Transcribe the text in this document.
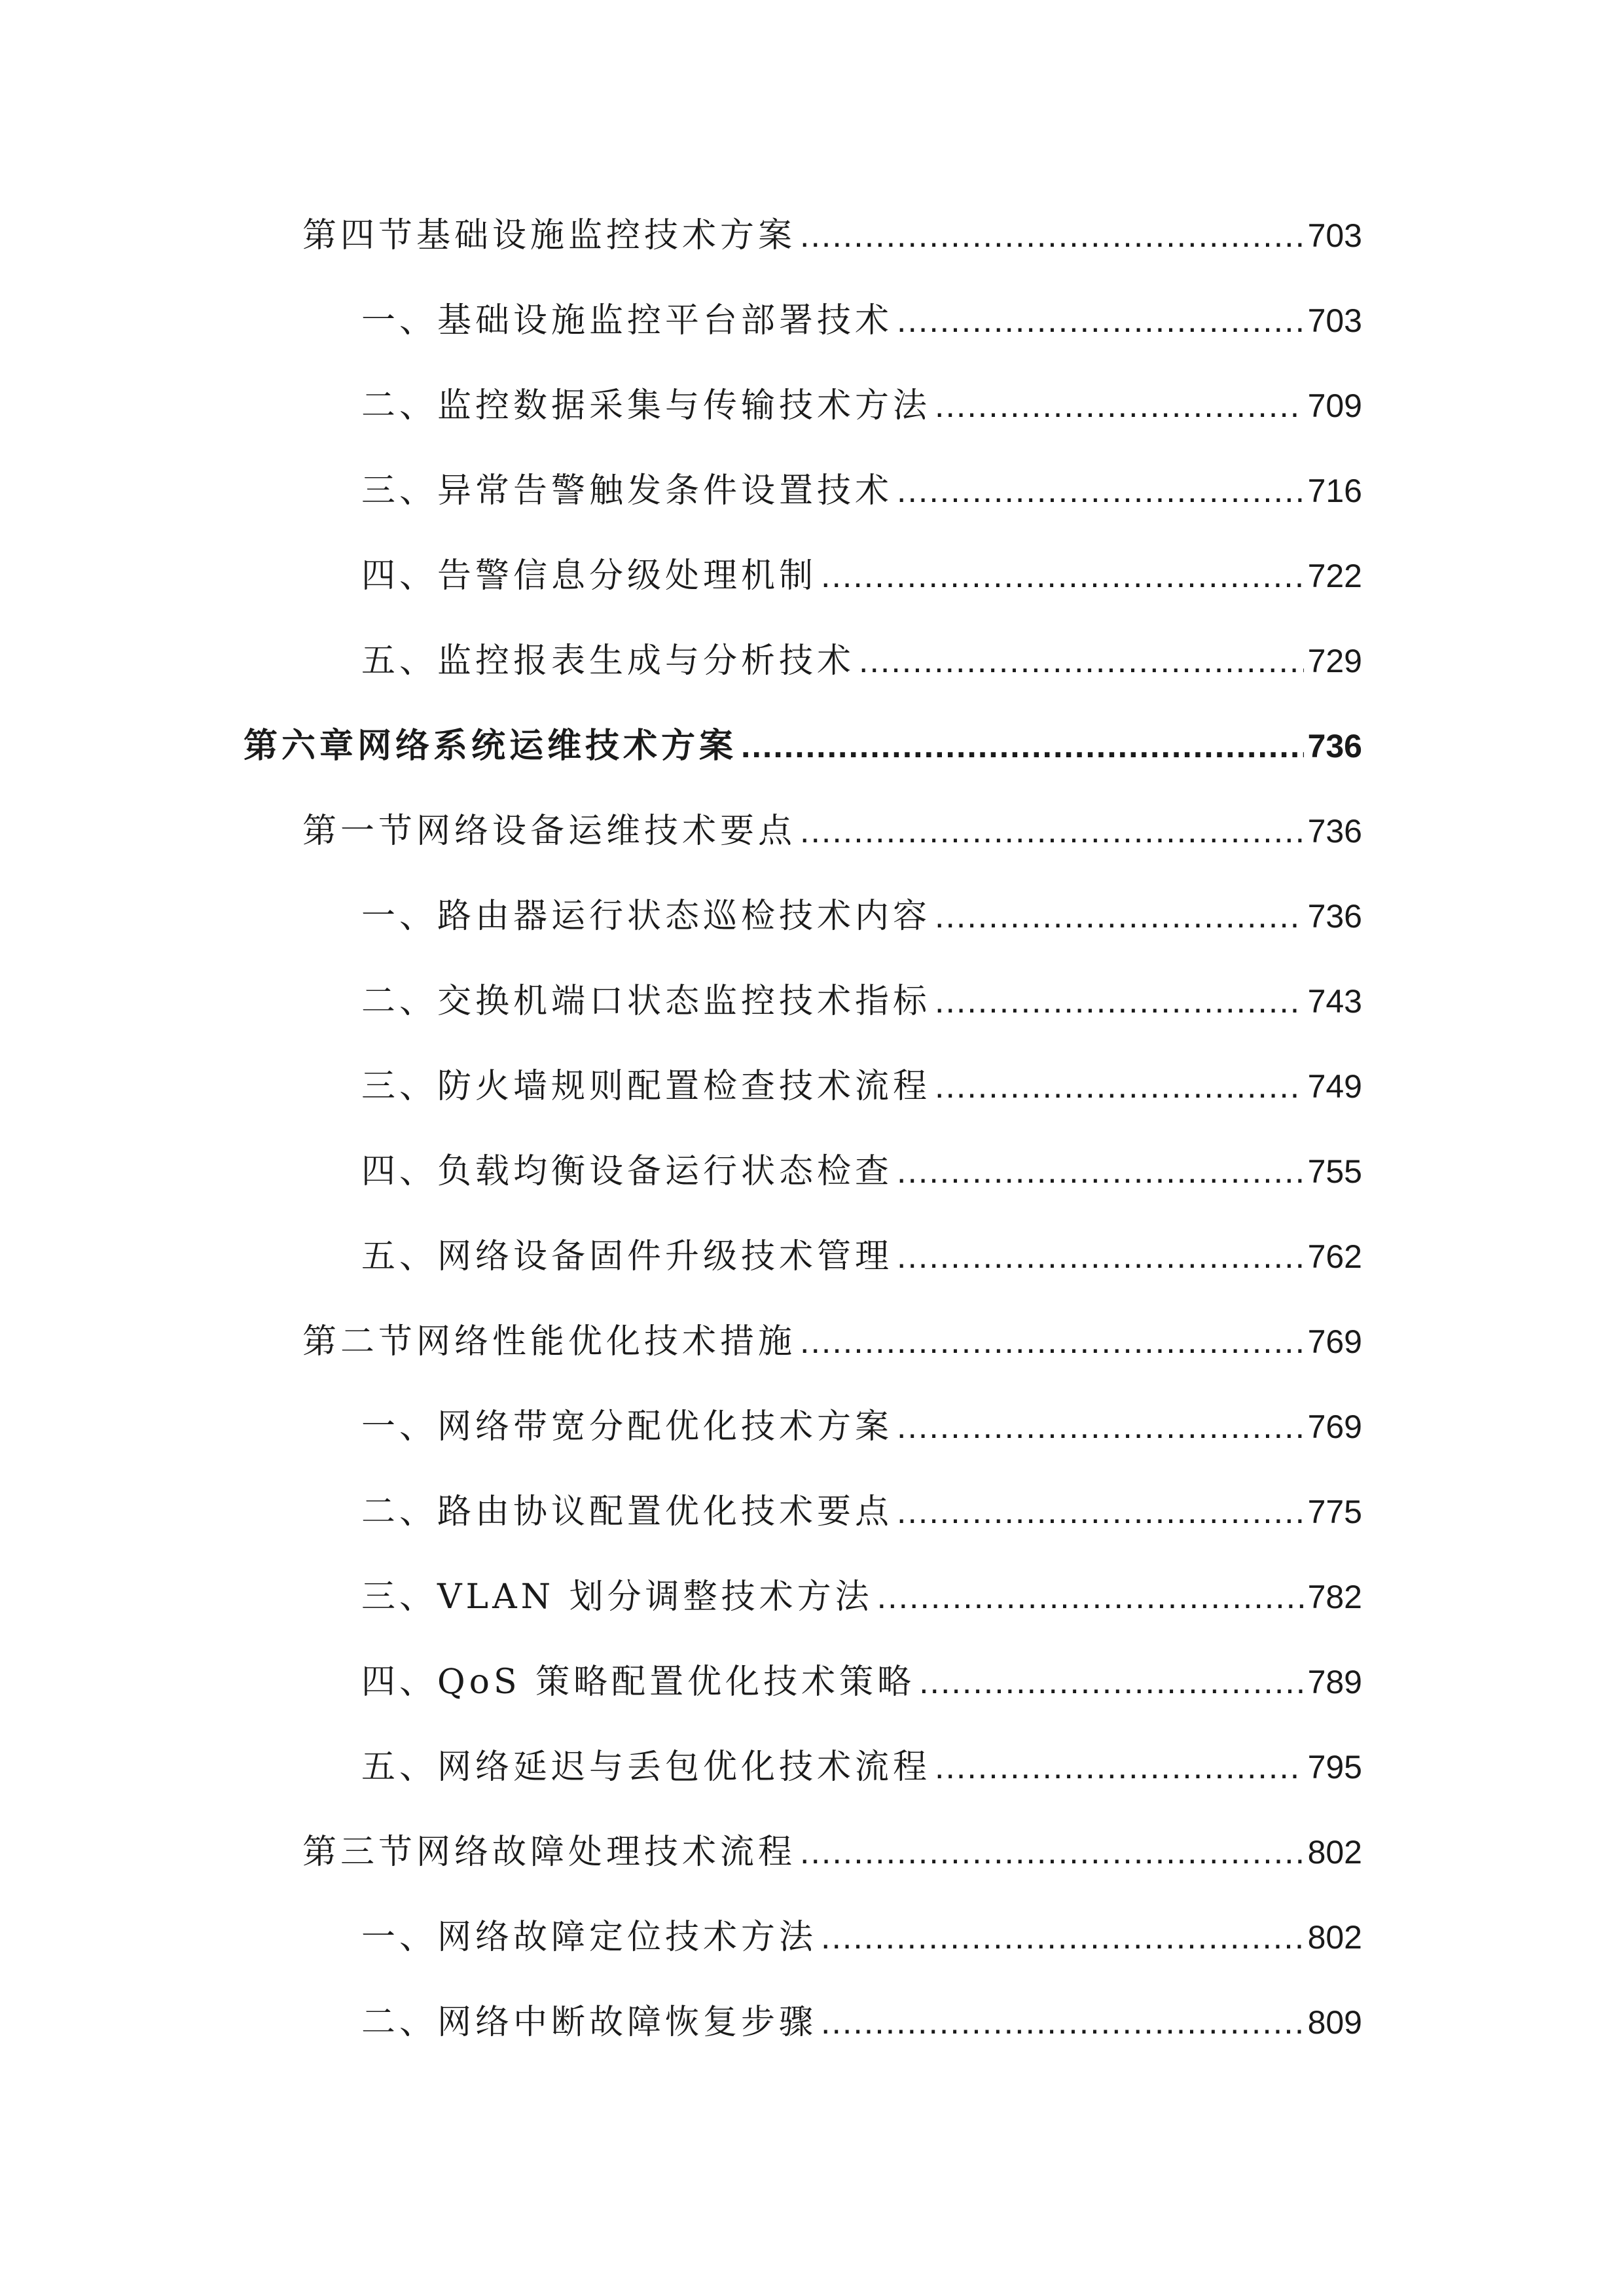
第四节基础设施监控技术方案 .....	703
一、基础设施监控平台部署技术 .....	703
二、监控数据采集与传输技术方法 .....	709
三、异常告警触发条件设置技术 .....	716
四、告警信息分级处理机制 .....	722
五、监控报表生成与分析技术 .....	729
第六章网络系统运维技术方案 .....	736
第一节网络设备运维技术要点 .....	736
一、路由器运行状态巡检技术内容 .....	736
二、交换机端口状态监控技术指标 .....	743
三、防火墙规则配置检查技术流程 .....	749
四、负载均衡设备运行状态检查 .....	755
五、网络设备固件升级技术管理 .....	762
第二节网络性能优化技术措施 .....	769
一、网络带宽分配优化技术方案 .....	769
二、路由协议配置优化技术要点 .....	775
三、VLAN 划分调整技术方法 .....	782
四、QoS 策略配置优化技术策略 .....	789
五、网络延迟与丢包优化技术流程 .....	795
第三节网络故障处理技术流程 .....	802
一、网络故障定位技术方法 .....	802
二、网络中断故障恢复步骤 .....	809
